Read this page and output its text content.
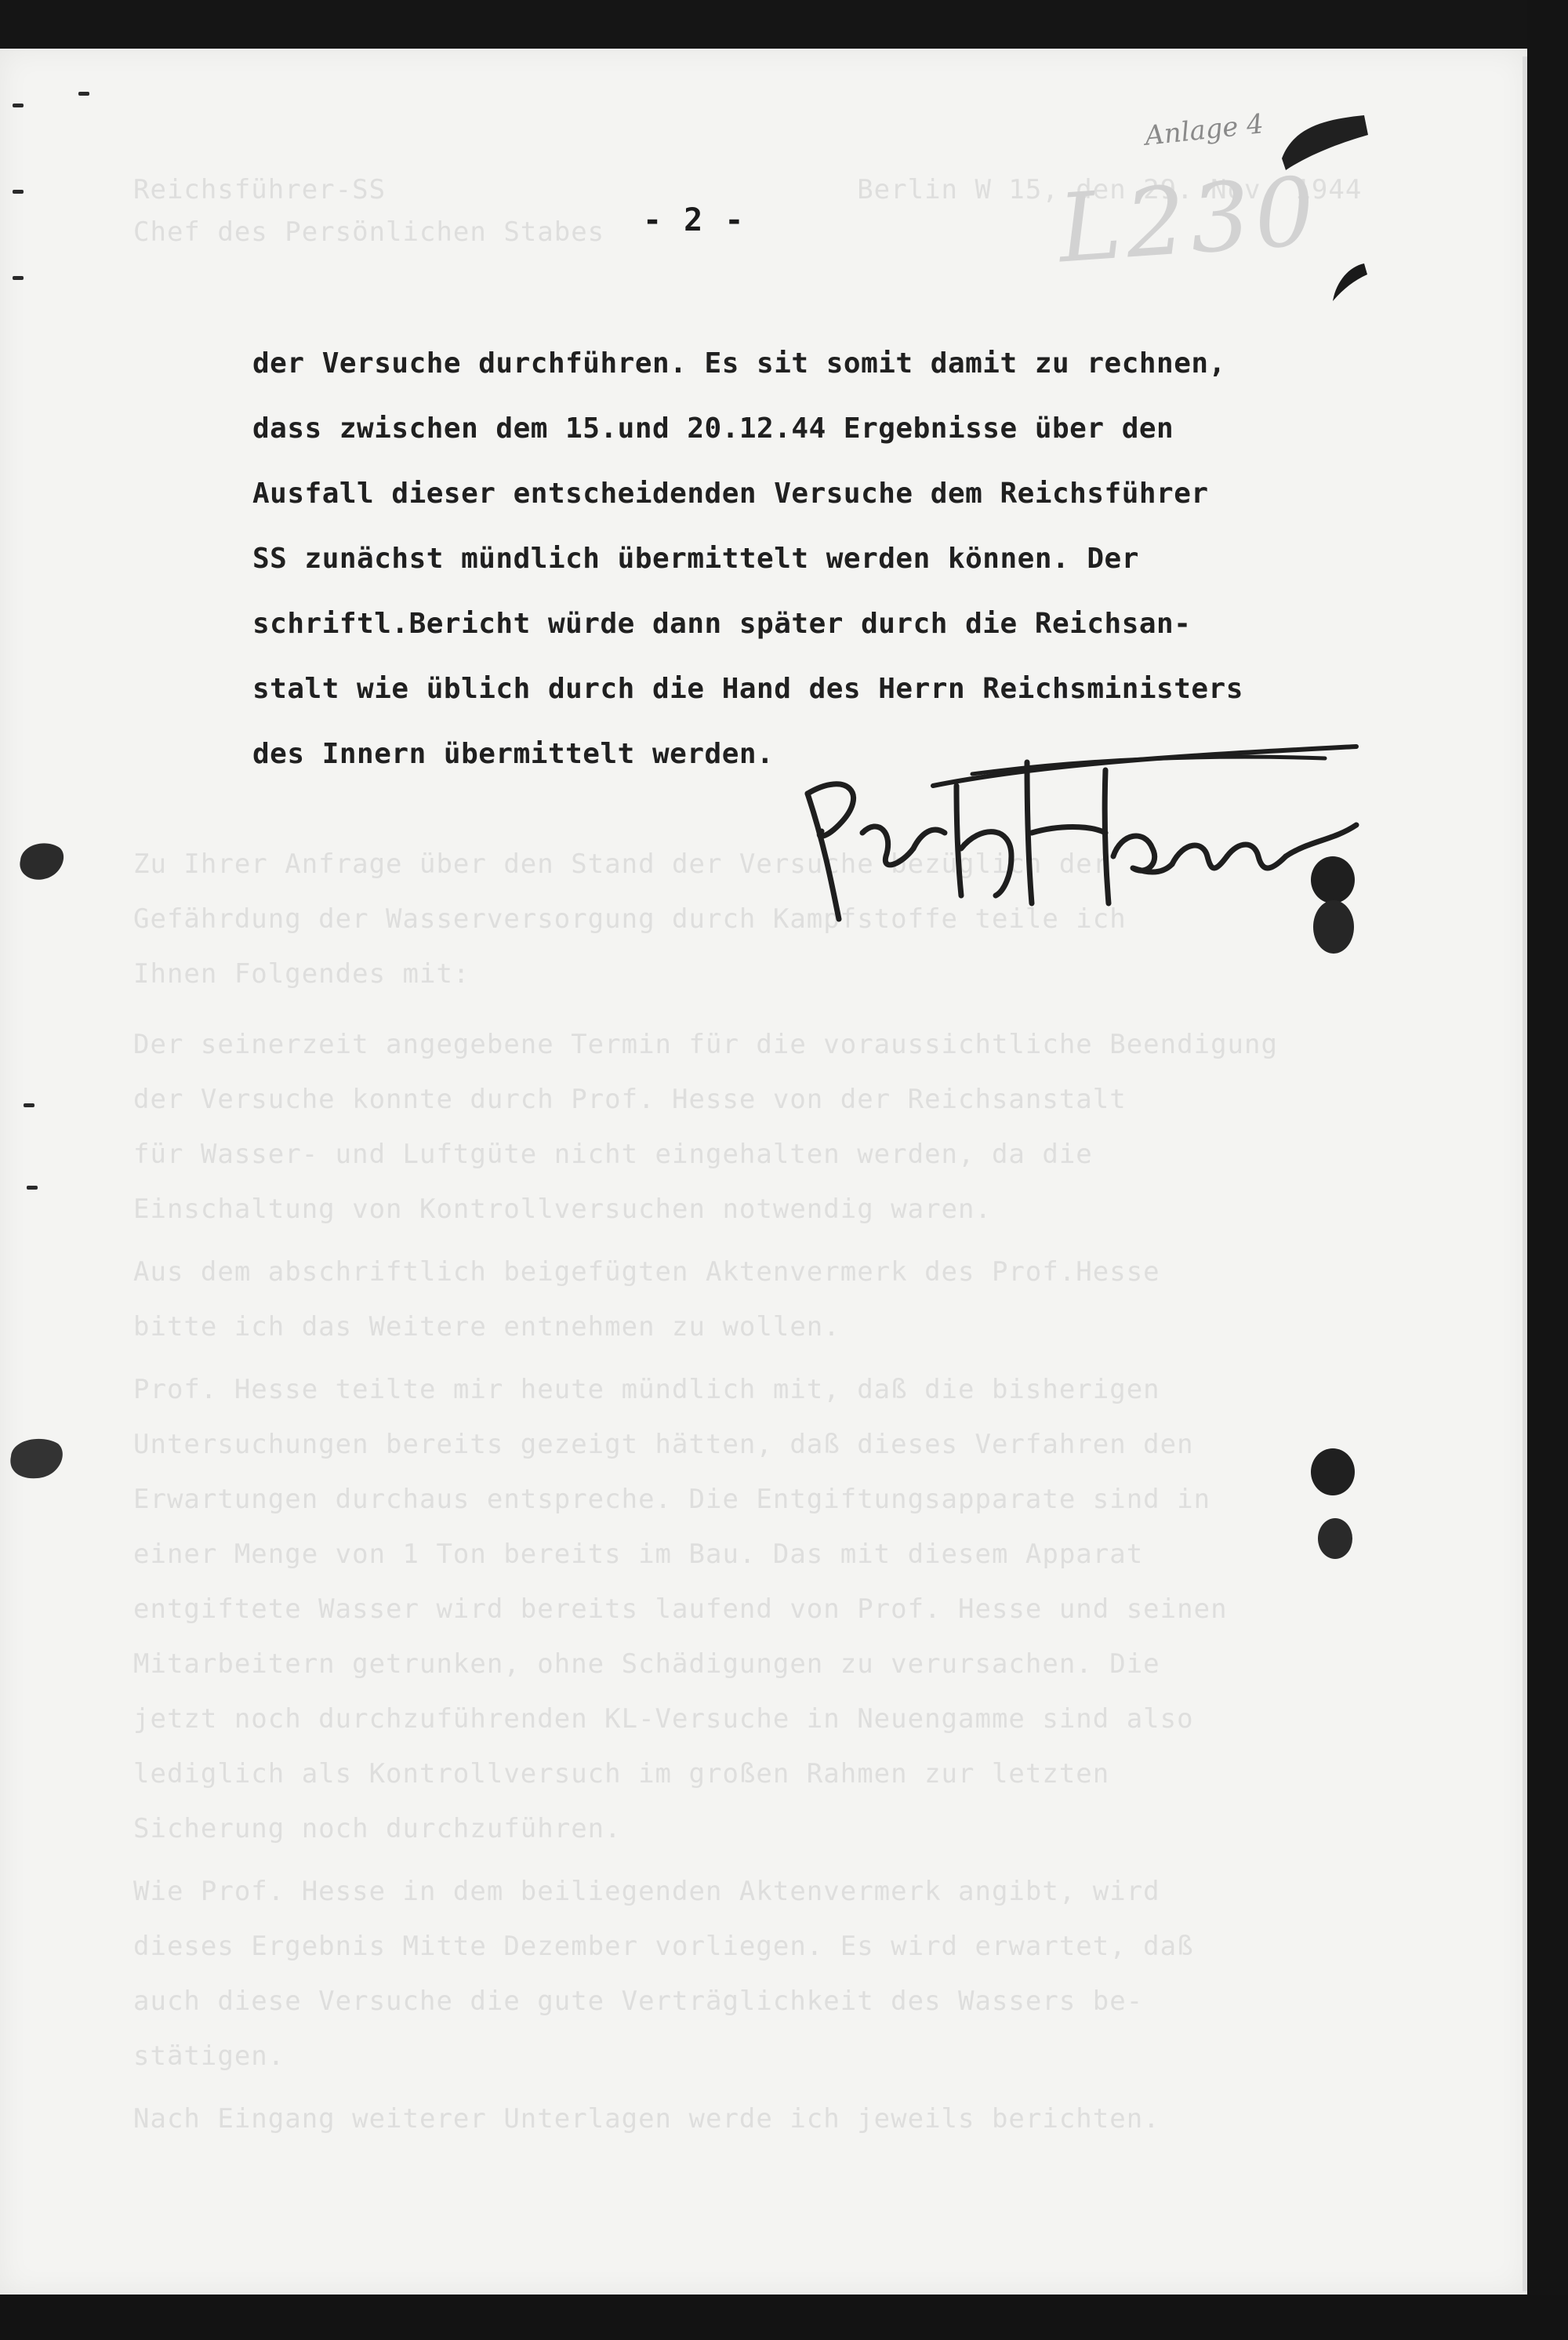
Reichsführer-SS                            Berlin W 15, den 29. Nov. 1944
Chef des Persönlichen Stabes
Zu Ihrer Anfrage über den Stand der Versuche bezüglich der
Gefährdung der Wasserversorgung durch Kampfstoffe teile ich
Ihnen Folgendes mit:
Der seinerzeit angegebene Termin für die voraussichtliche Beendigung
der Versuche konnte durch Prof. Hesse von der Reichsanstalt
für Wasser- und Luftgüte nicht eingehalten werden, da die
Einschaltung von Kontrollversuchen notwendig waren.
Aus dem abschriftlich beigefügten Aktenvermerk des Prof.Hesse
bitte ich das Weitere entnehmen zu wollen.
Prof. Hesse teilte mir heute mündlich mit, daß die bisherigen
Untersuchungen bereits gezeigt hätten, daß dieses Verfahren den
Erwartungen durchaus entspreche. Die Entgiftungsapparate sind in
einer Menge von 1 Ton bereits im Bau. Das mit diesem Apparat
entgiftete Wasser wird bereits laufend von Prof. Hesse und seinen
Mitarbeitern getrunken, ohne Schädigungen zu verursachen. Die
jetzt noch durchzuführenden KL-Versuche in Neuengamme sind also
lediglich als Kontrollversuch im großen Rahmen zur letzten
Sicherung noch durchzuführen.
Wie Prof. Hesse in dem beiliegenden Aktenvermerk angibt, wird
dieses Ergebnis Mitte Dezember vorliegen. Es wird erwartet, daß
auch diese Versuche die gute Verträglichkeit des Wassers be-
stätigen.
Nach Eingang weiterer Unterlagen werde ich jeweils berichten.
Anlage 4
L230
- 2 -
der Versuche durchführen. Es sit somit damit zu rechnen,
dass zwischen dem 15.und 20.12.44 Ergebnisse über den
Ausfall dieser entscheidenden Versuche dem Reichsführer
SS zunächst mündlich übermittelt werden können. Der
schriftl.Bericht würde dann später durch die Reichsan-
stalt wie üblich durch die Hand des Herrn Reichsministers
des Innern übermittelt werden.
